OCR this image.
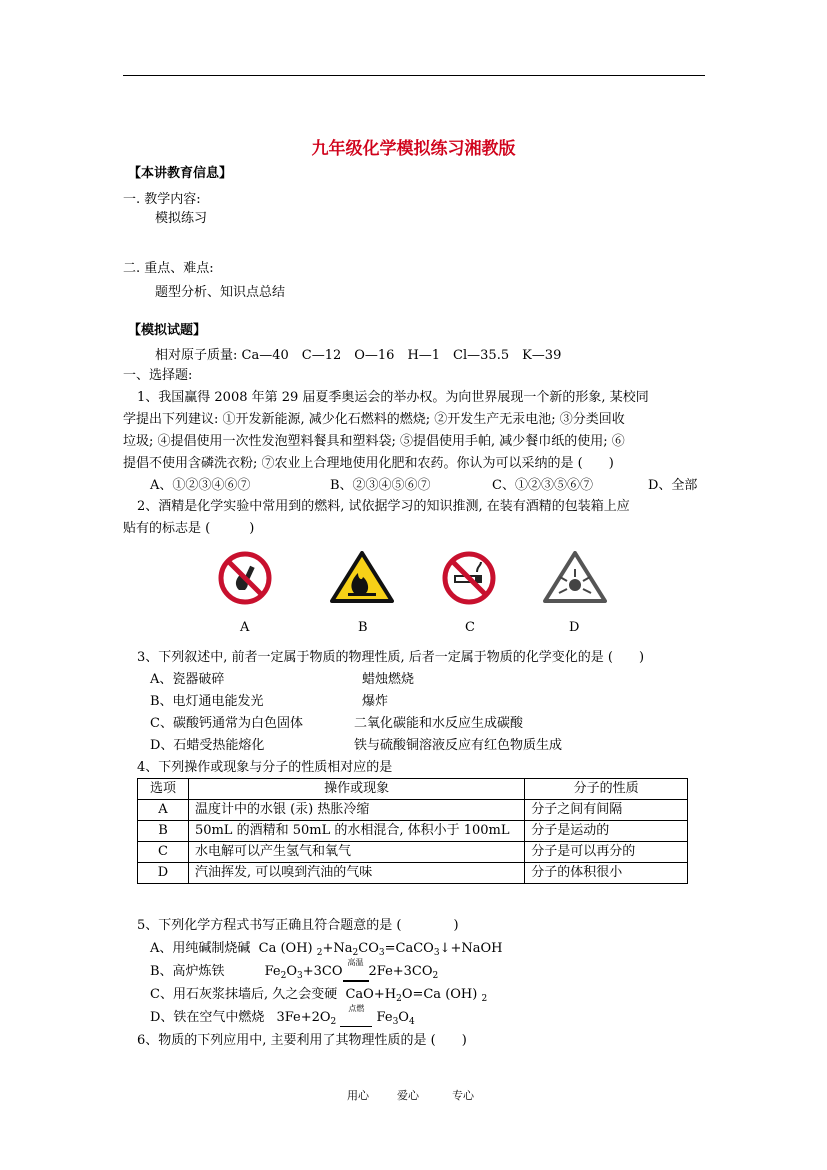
九年级化学模拟练习湘教版
【本讲教育信息】
一. 教学内容:
模拟练习
二. 重点、难点:
题型分析、知识点总结
【模拟试题】
相对原子质量: Ca—40　C—12　O—16　H—1　Cl—35.5　K—39
一、选择题:
1、我国赢得 2008 年第 29 届夏季奥运会的举办权。为向世界展现一个新的形象, 某校同
学提出下列建议: ①开发新能源, 减少化石燃料的燃烧; ②开发生产无汞电池; ③分类回收
垃圾; ④提倡使用一次性发泡塑料餐具和塑料袋; ⑤提倡使用手帕, 减少餐巾纸的使用; ⑥
提倡不使用含磷洗衣粉; ⑦农业上合理地使用化肥和农药。你认为可以采纳的是 (　　)
A、①②③④⑥⑦	B、②③④⑤⑥⑦	C、①②③⑤⑥⑦	D、全部
2、酒精是化学实验中常用到的燃料, 试依据学习的知识推测, 在装有酒精的包装箱上应
贴有的标志是 (　　　)
A	B	C	D
3、下列叙述中, 前者一定属于物质的物理性质, 后者一定属于物质的化学变化的是 (　　)
A、瓷器破碎	蜡烛燃烧
B、电灯通电能发光	爆炸
C、碳酸钙通常为白色固体	二氧化碳能和水反应生成碳酸
D、石蜡受热能熔化	铁与硫酸铜溶液反应有红色物质生成
4、下列操作或现象与分子的性质相对应的是
选项	操作或现象	分子的性质
A	温度计中的水银 (汞) 热胀冷缩	分子之间有间隔
B	50mL 的酒精和 50mL 的水相混合, 体积小于 100mL	分子是运动的
C	水电解可以产生氢气和氧气	分子是可以再分的
D	汽油挥发, 可以嗅到汽油的气味	分子的体积很小
5、下列化学方程式书写正确且符合题意的是 (　　　　)
A、用纯碱制烧碱  Ca (OH) $_2+Na_2CO_3=CaCO_3↓+NaOH$
B、高炉炼铁	$Fe_2O_3+3CO$
高温
$2Fe+3CO_2$
C、用石灰浆抹墙后, 久之会变硬  $CaO+H_2O=Ca$ (OH) $_2$
D、铁在空气中燃烧 $3Fe+2O_2$
点燃
$Fe_3O_4$
6、物质的下列应用中, 主要利用了其物理性质的是 (　　)
用心	爱心	专心
